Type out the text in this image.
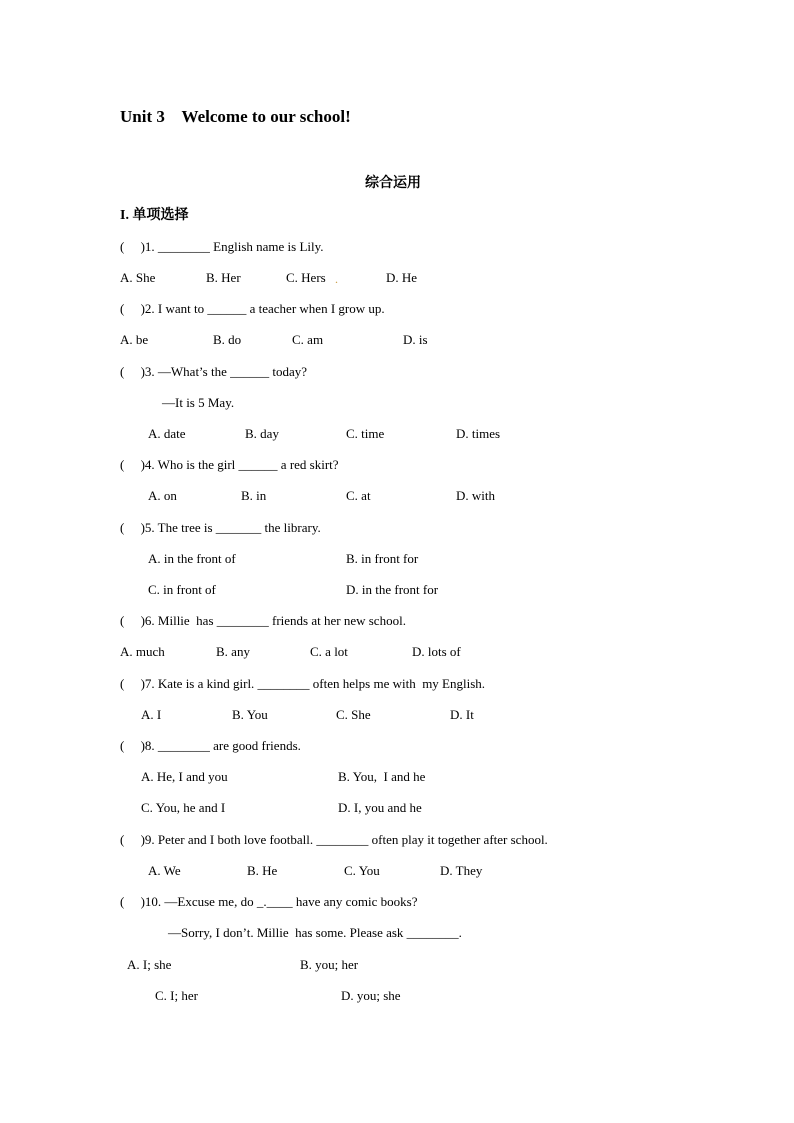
Unit 3    Welcome to our school!
综合运用
I. 单项选择
(     )1. ________ English name is Lily.
A. She	B. Her	C. Hers .	D. He
(     )2. I want to ______ a teacher when I grow up.
A. be	B. do	C. am	D. is
(     )3. —What’s the ______ today?
—It is 5 May.
A. date	B. day	C. time	D. times
(     )4. Who is the girl ______ a red skirt?
A. on	B. in	C. at	D. with
(     )5. The tree is _______ the library.
A. in the front of	B. in front for
C. in front of	D. in the front for
(     )6. Millie  has ________ friends at her new school.
A. much	B. any	C. a lot	D. lots of
(     )7. Kate is a kind girl. ________ often helps me with  my English.
A. I	B. You	C. She	D. It
(     )8. ________ are good friends.
A. He, I and you	B. You,  I and he
C. You, he and I	D. I, you and he
(     )9. Peter and I both love football. ________ often play it together after school.
A. We	B. He	C. You	D. They
(     )10. —Excuse me, do _.____ have any comic books?
—Sorry, I don’t. Millie  has some. Please ask ________.
A. I; she	B. you; her
C. I; her	D. you; she
